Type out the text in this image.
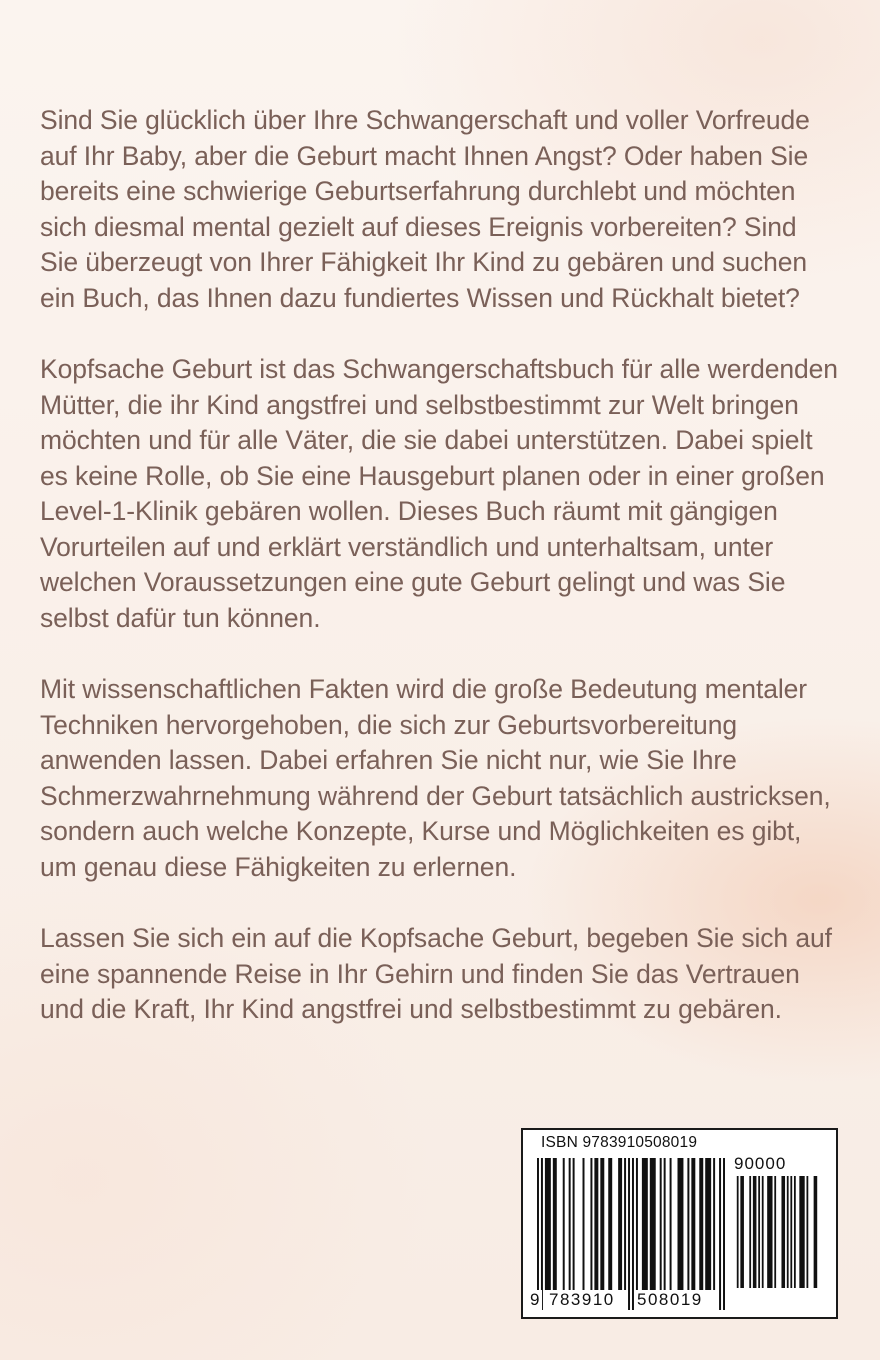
Sind Sie glücklich über Ihre Schwangerschaft und voller Vorfreude auf Ihr Baby, aber die Geburt macht Ihnen Angst? Oder haben Sie bereits eine schwierige Geburtserfahrung durchlebt und möchten sich diesmal mental gezielt auf dieses Ereignis vorbereiten? Sind Sie überzeugt von Ihrer Fähigkeit Ihr Kind zu gebären und suchen ein Buch, das Ihnen dazu fundiertes Wissen und Rückhalt bietet?

Kopfsache Geburt ist das Schwangerschaftsbuch für alle werdenden Mütter, die ihr Kind angstfrei und selbstbestimmt zur Welt bringen möchten und für alle Väter, die sie dabei unterstützen. Dabei spielt es keine Rolle, ob Sie eine Hausgeburt planen oder in einer großen Level-1-Klinik gebären wollen. Dieses Buch räumt mit gängigen Vorurteilen auf und erklärt verständlich und unterhaltsam, unter welchen Voraussetzungen eine gute Geburt gelingt und was Sie selbst dafür tun können.

Mit wissenschaftlichen Fakten wird die große Bedeutung mentaler Techniken hervorgehoben, die sich zur Geburtsvorbereitung anwenden lassen. Dabei erfahren Sie nicht nur, wie Sie Ihre Schmerzwahrnehmung während der Geburt tatsächlich austricksen, sondern auch welche Konzepte, Kurse und Möglichkeiten es gibt, um genau diese Fähigkeiten zu erlernen.

Lassen Sie sich ein auf die Kopfsache Geburt, begeben Sie sich auf eine spannende Reise in Ihr Gehirn und finden Sie das Vertrauen und die Kraft, Ihr Kind angstfrei und selbstbestimmt zu gebären.

ISBN 9783910508019
90000
9 783910 508019
